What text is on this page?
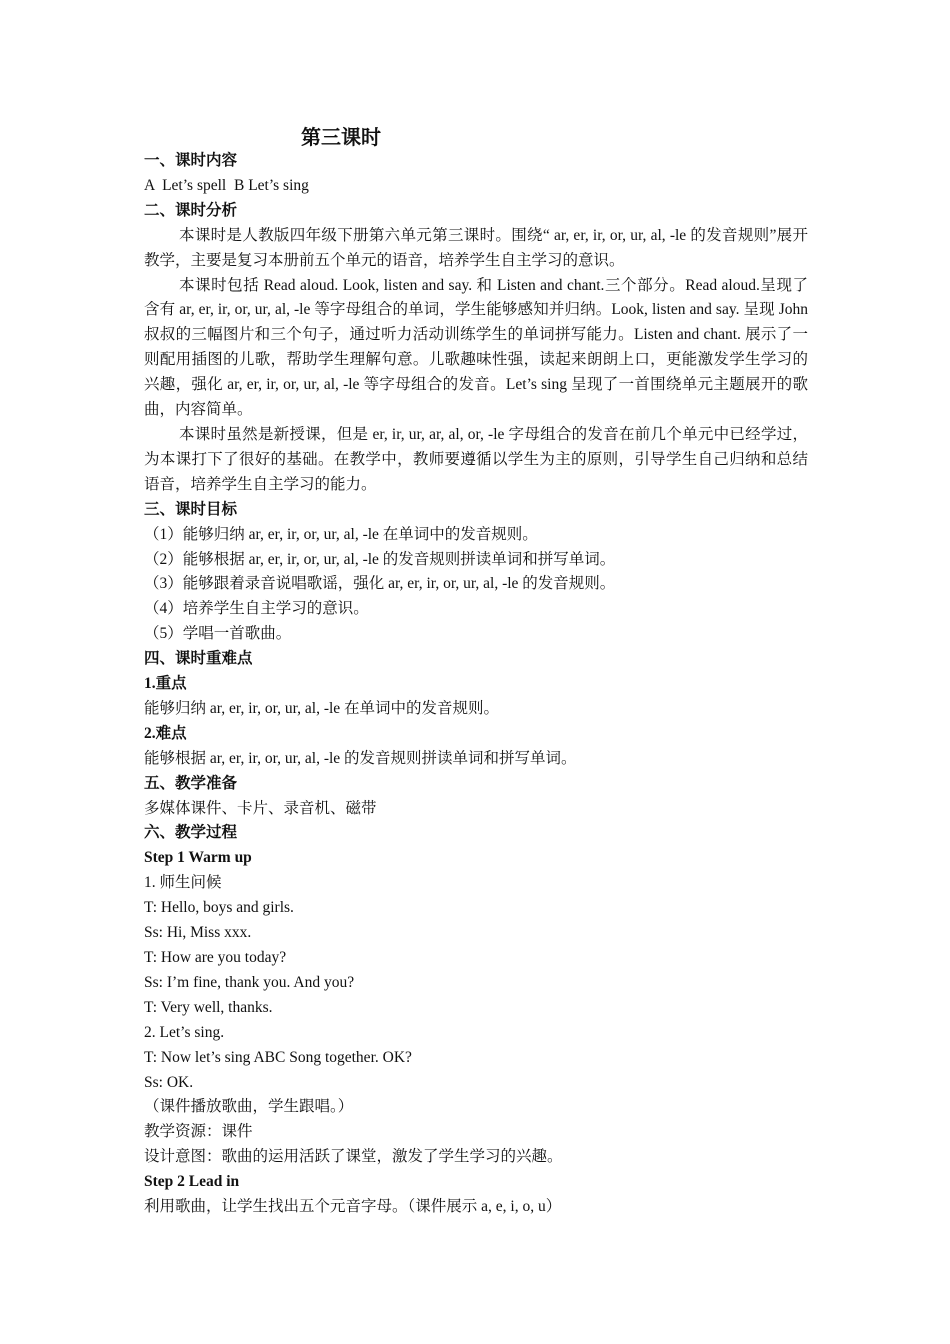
第三课时

一、课时内容

A  Let’s spell  B Let’s sing

二、课时分析

本课时是人教版四年级下册第六单元第三课时。围绕“ ar, er, ir, or, ur, al, -le 的发音规则”展开教学，主要是复习本册前五个单元的语音，培养学生自主学习的意识。

本课时包括 Read aloud. Look, listen and say. 和 Listen and chant.三个部分。Read aloud.呈现了含有 ar, er, ir, or, ur, al, -le 等字母组合的单词，学生能够感知并归纳。Look, listen and say. 呈现 John 叔叔的三幅图片和三个句子，通过听力活动训练学生的单词拼写能力。Listen and chant. 展示了一则配用插图的儿歌，帮助学生理解句意。儿歌趣味性强，读起来朗朗上口，更能激发学生学习的兴趣，强化 ar, er, ir, or, ur, al, -le 等字母组合的发音。Let’s sing 呈现了一首围绕单元主题展开的歌曲，内容简单。

本课时虽然是新授课，但是 er, ir, ur, ar, al, or, -le 字母组合的发音在前几个单元中已经学过，为本课打下了很好的基础。在教学中，教师要遵循以学生为主的原则，引导学生自己归纳和总结语音，培养学生自主学习的能力。

三、课时目标

（1）能够归纳 ar, er, ir, or, ur, al, -le 在单词中的发音规则。

（2）能够根据 ar, er, ir, or, ur, al, -le 的发音规则拼读单词和拼写单词。

（3）能够跟着录音说唱歌谣，强化 ar, er, ir, or, ur, al, -le 的发音规则。

（4）培养学生自主学习的意识。

（5）学唱一首歌曲。

四、课时重难点

1.重点

能够归纳 ar, er, ir, or, ur, al, -le 在单词中的发音规则。

2.难点

能够根据 ar, er, ir, or, ur, al, -le 的发音规则拼读单词和拼写单词。

五、教学准备

多媒体课件、卡片、录音机、磁带

六、教学过程

Step 1 Warm up

1. 师生问候

T: Hello, boys and girls.

Ss: Hi, Miss xxx.

T: How are you today?

Ss: I’m fine, thank you. And you?

T: Very well, thanks.

2. Let’s sing.

T: Now let’s sing ABC Song together. OK?

Ss: OK.

（课件播放歌曲，学生跟唱。）

教学资源：课件

设计意图：歌曲的运用活跃了课堂，激发了学生学习的兴趣。

Step 2 Lead in

利用歌曲，让学生找出五个元音字母。（课件展示 a, e, i, o, u）
